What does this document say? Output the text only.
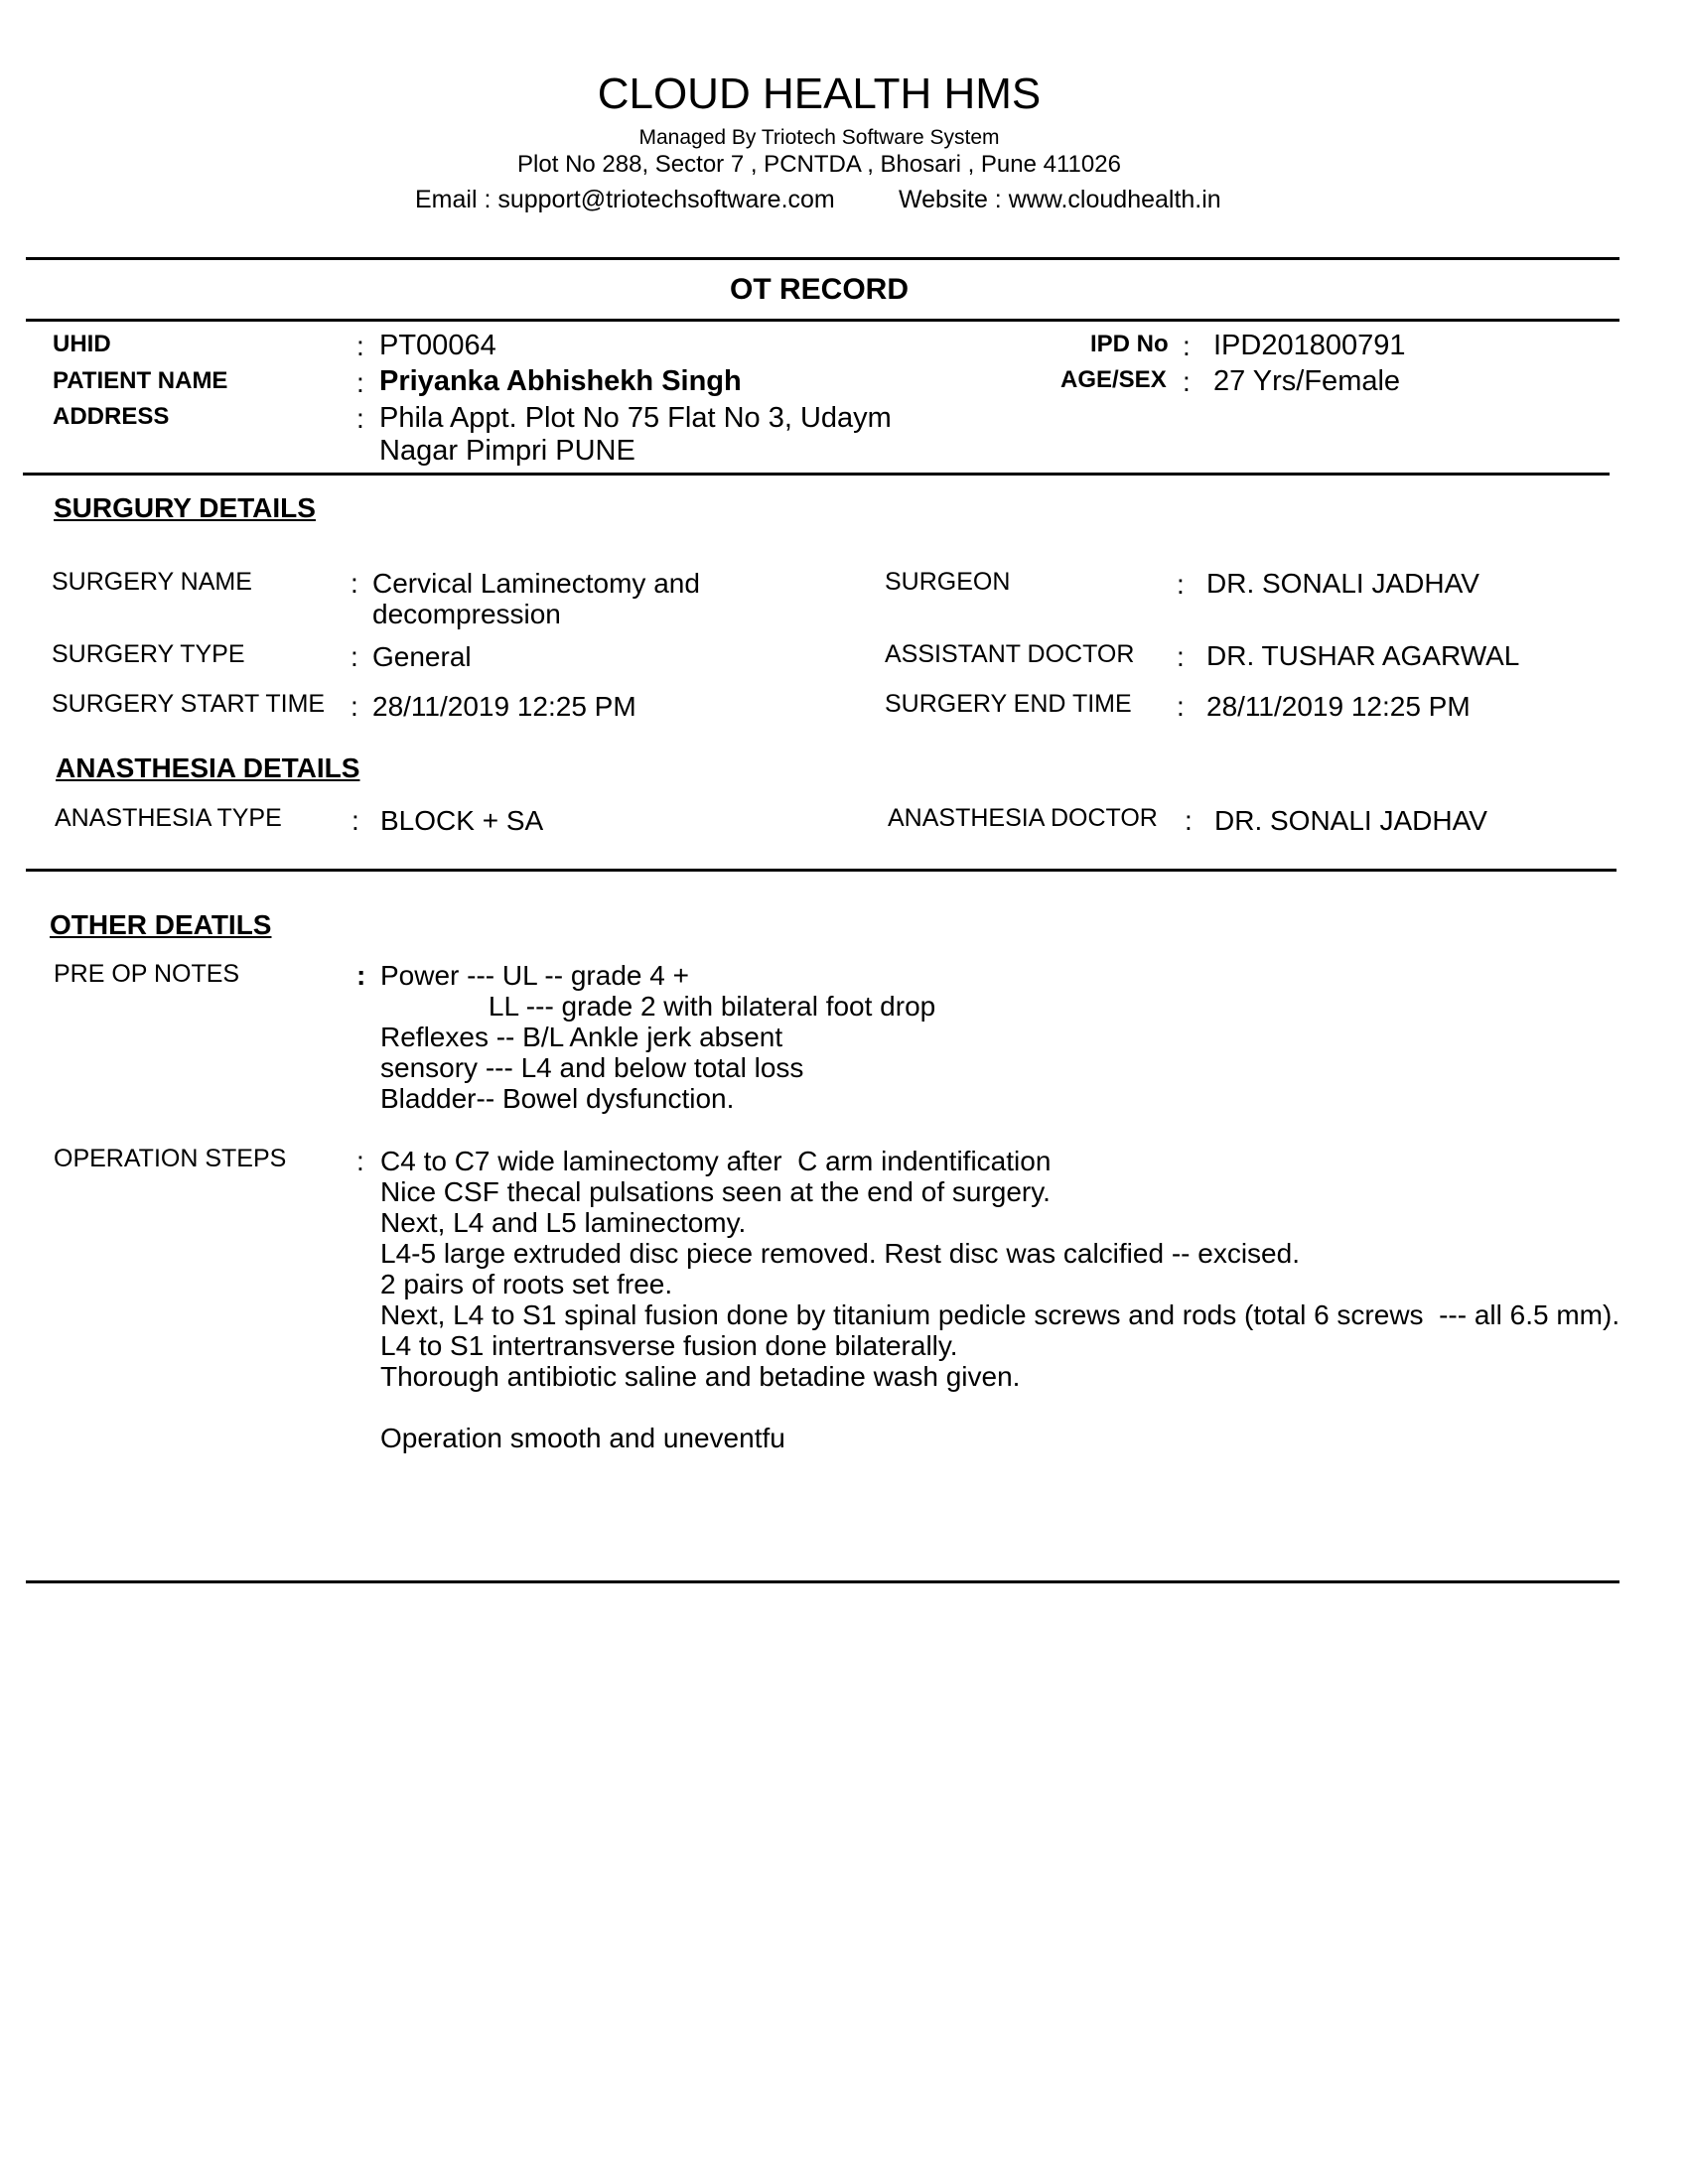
CLOUD HEALTH HMS
Managed By Triotech Software System
Plot No 288, Sector 7 , PCNTDA , Bhosari , Pune 411026
Email : support@triotechsoftware.com	Website : www.cloudhealth.in
OT RECORD
UHID	: PT00064
PATIENT NAME	: Priyanka Abhishekh Singh
ADDRESS	: Phila Appt. Plot No 75 Flat No 3, Udaym
Nagar Pimpri PUNE
IPD No : IPD201800791
AGE/SEX : 27 Yrs/Female
SURGURY DETAILS
SURGERY NAME	: Cervical Laminectomy and
decompression
SURGERY TYPE	: General
SURGERY START TIME : 28/11/2019 12:25 PM
SURGEON	: DR. SONALI JADHAV
ASSISTANT DOCTOR : DR. TUSHAR AGARWAL
SURGERY END TIME : 28/11/2019 12:25 PM
ANASTHESIA DETAILS
ANASTHESIA TYPE	: BLOCK + SA	ANASTHESIA DOCTOR : DR. SONALI JADHAV
OTHER DEATILS
PRE OP NOTES	: Power --- UL -- grade 4 +
LL --- grade 2 with bilateral foot drop
Reflexes -- B/L Ankle jerk absent
sensory --- L4 and below total loss
Bladder-- Bowel dysfunction.
OPERATION STEPS	: C4 to C7 wide laminectomy after  C arm indentification
Nice CSF thecal pulsations seen at the end of surgery.
Next, L4 and L5 laminectomy.
L4-5 large extruded disc piece removed. Rest disc was calcified -- excised.
2 pairs of roots set free.
Next, L4 to S1 spinal fusion done by titanium pedicle screws and rods (total 6 screws  --- all 6.5 mm).
L4 to S1 intertransverse fusion done bilaterally.
Thorough antibiotic saline and betadine wash given.

Operation smooth and uneventfu
